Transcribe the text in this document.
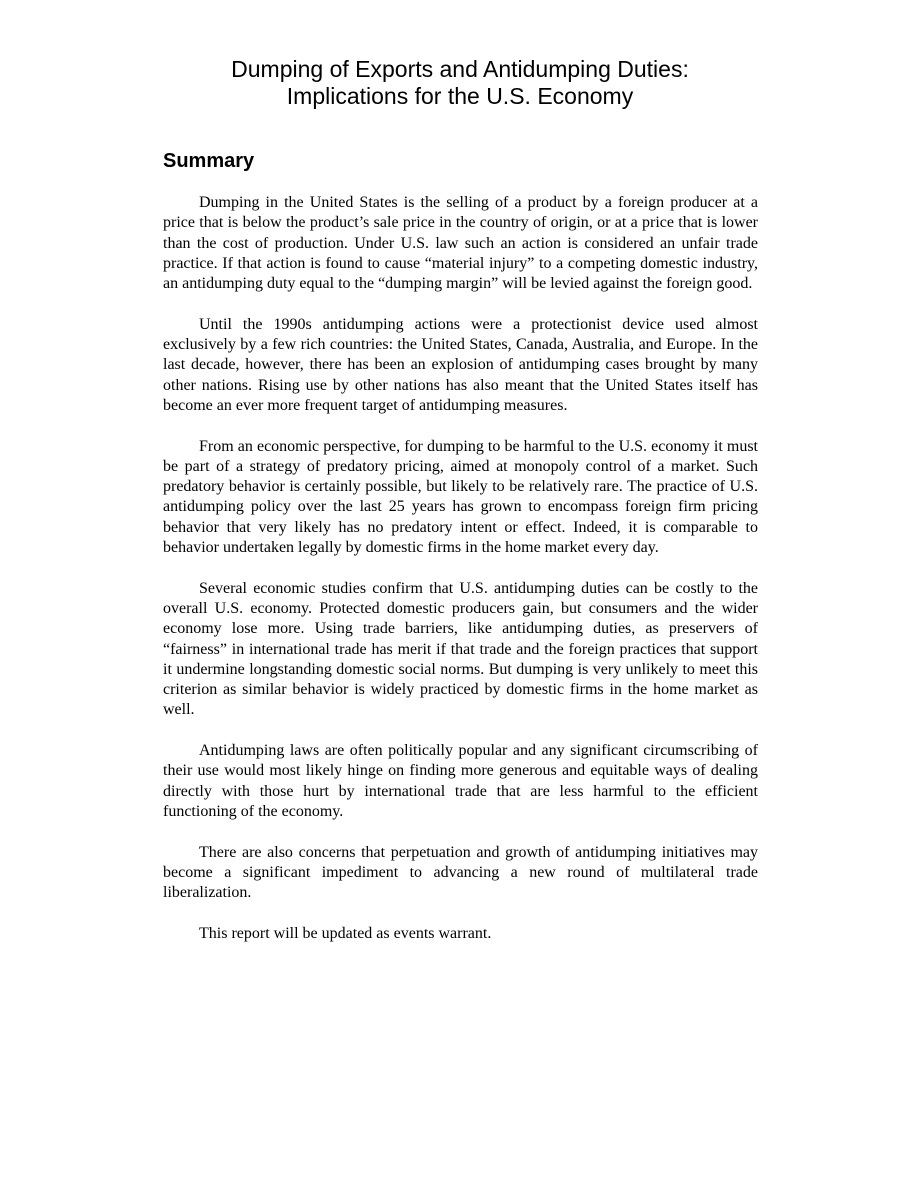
Dumping of Exports and Antidumping Duties:
Implications for the U.S. Economy
Summary

Dumping in the United States is the selling of a product by a foreign producer at a price that is below the product’s sale price in the country of origin, or at a price that is lower than the cost of production. Under U.S. law such an action is considered an unfair trade practice. If that action is found to cause “material injury” to a competing domestic industry, an antidumping duty equal to the “dumping margin” will be levied against the foreign good.

Until the 1990s antidumping actions were a protectionist device used almost exclusively by a few rich countries: the United States, Canada, Australia, and Europe. In the last decade, however, there has been an explosion of antidumping cases brought by many other nations. Rising use by other nations has also meant that the United States itself has become an ever more frequent target of antidumping measures.

From an economic perspective, for dumping to be harmful to the U.S. economy it must be part of a strategy of predatory pricing, aimed at monopoly control of a market. Such predatory behavior is certainly possible, but likely to be relatively rare. The practice of U.S. antidumping policy over the last 25 years has grown to encompass foreign firm pricing behavior that very likely has no predatory intent or effect. Indeed, it is comparable to behavior undertaken legally by domestic firms in the home market every day.

Several economic studies confirm that U.S. antidumping duties can be costly to the overall U.S. economy. Protected domestic producers gain, but consumers and the wider economy lose more. Using trade barriers, like antidumping duties, as preservers of “fairness” in international trade has merit if that trade and the foreign practices that support it undermine longstanding domestic social norms. But dumping is very unlikely to meet this criterion as similar behavior is widely practiced by domestic firms in the home market as well.

Antidumping laws are often politically popular and any significant circumscribing of their use would most likely hinge on finding more generous and equitable ways of dealing directly with those hurt by international trade that are less harmful to the efficient functioning of the economy.

There are also concerns that perpetuation and growth of antidumping initiatives may become a significant impediment to advancing a new round of multilateral trade liberalization.

This report will be updated as events warrant.
